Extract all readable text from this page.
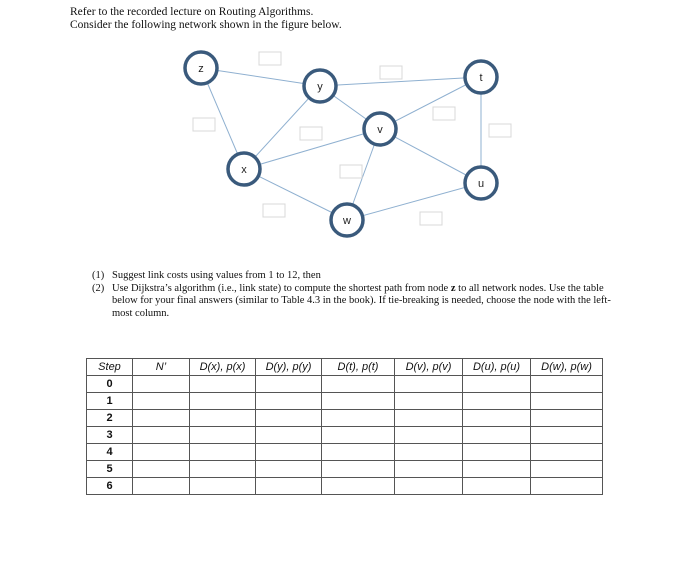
Refer to the recorded lecture on Routing Algorithms.
Consider the following network shown in the figure below.
z
y
t
v
x
u
w
(1) Suggest link costs using values from 1 to 12, then
(2) Use Dijkstra’s algorithm (i.e., link state) to compute the shortest path from node z to all network nodes. Use the table below for your final answers (similar to Table 4.3 in the book). If tie-breaking is needed, choose the node with the left-most column.
Step	N’	D(x), p(x)	D(y), p(y)	D(t), p(t)	D(v), p(v)	D(u), p(u)	D(w), p(w)
0							
1							
2							
3							
4							
5							
6							
